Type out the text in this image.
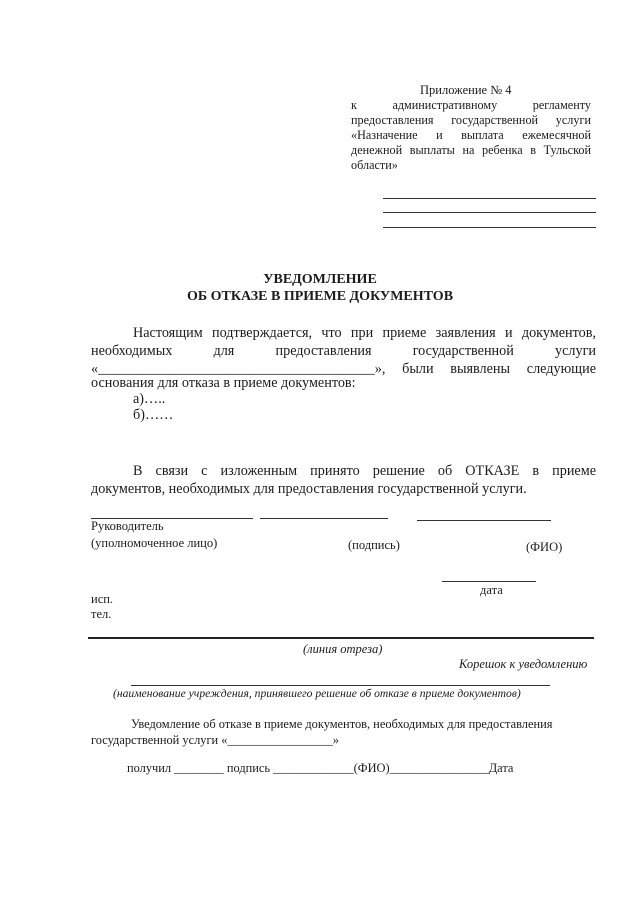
Приложение № 4
к административному регламенту
предоставления государственной услуги
«Назначение и выплата ежемесячной
денежной выплаты на ребенка в Тульской
области»
УВЕДОМЛЕНИЕ
ОБ ОТКАЗЕ В ПРИЕМЕ ДОКУМЕНТОВ
Настоящим подтверждается, что при приеме заявления и документов,
необходимых для предоставления государственной услуги
«_______________________________________», были выявлены следующие
основания для отказа в приеме документов:
а)…..
б)……
В связи с изложенным принято решение об ОТКАЗЕ в приеме
документов, необходимых для предоставления государственной услуги.
Руководитель
(уполномоченное лицо)	(подпись)	(ФИО)
дата
исп.
тел.
(линия отреза)
Корешок к уведомлению
(наименование учреждения, принявшего решение об отказе в приеме документов)
Уведомление об отказе в приеме документов, необходимых для предоставления
государственной услуги «_________________»
получил ________ подпись _____________(ФИО)________________Дата
